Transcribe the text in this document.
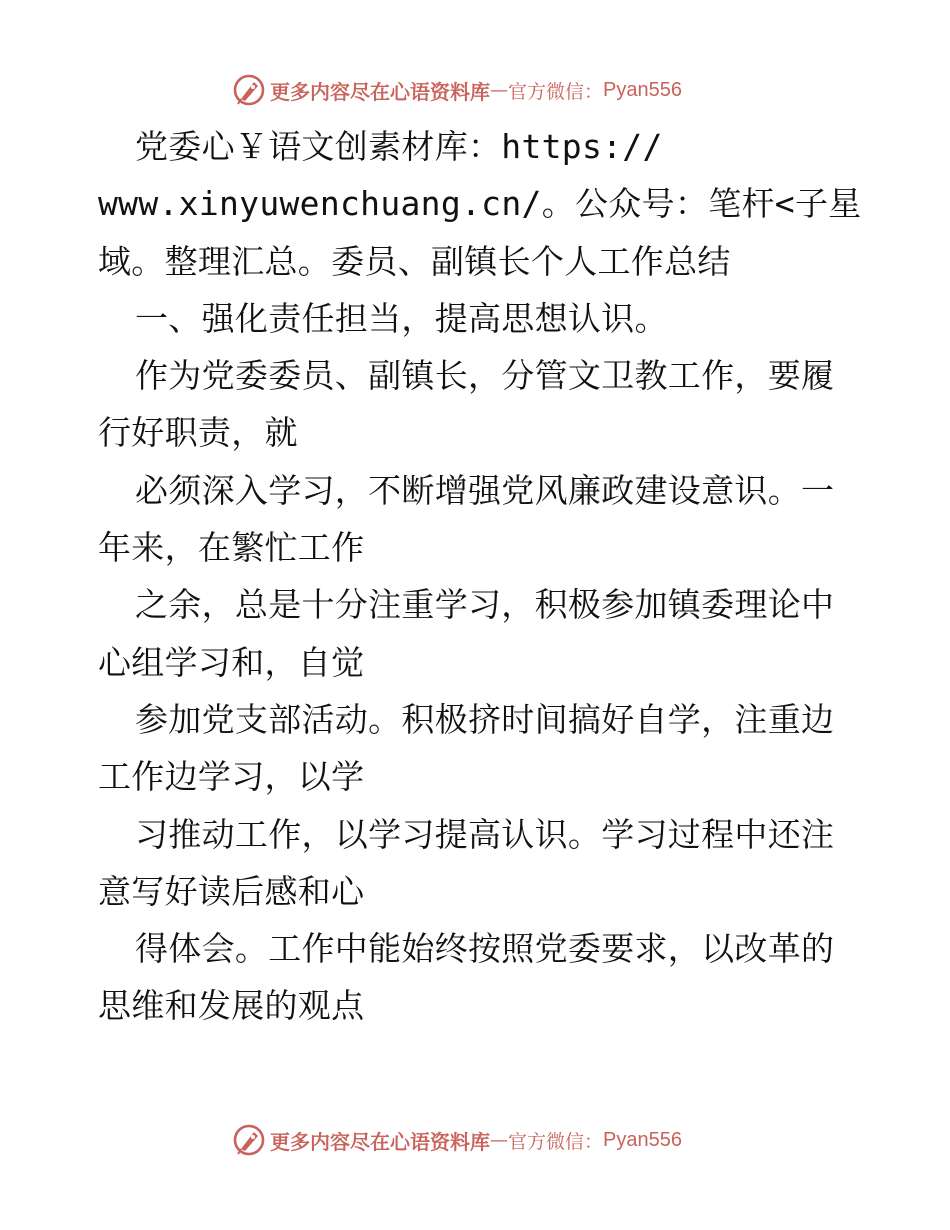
更多内容尽在心语资料库 — 官方微信： Pyan556
党委心￥语文创素材库：https://
www.xinyuwenchuang.cn/。公众号：笔杆<子星
域。整理汇总。委员、副镇长个人工作总结
一、强化责任担当，提高思想认识。
作为党委委员、副镇长，分管文卫教工作，要履
行好职责，就
必须深入学习，不断增强党风廉政建设意识。一
年来，在繁忙工作
之余，总是十分注重学习，积极参加镇委理论中
心组学习和，自觉
参加党支部活动。积极挤时间搞好自学，注重边
工作边学习，以学
习推动工作，以学习提高认识。学习过程中还注
意写好读后感和心
得体会。工作中能始终按照党委要求，以改革的
思维和发展的观点
更多内容尽在心语资料库 — 官方微信： Pyan556
